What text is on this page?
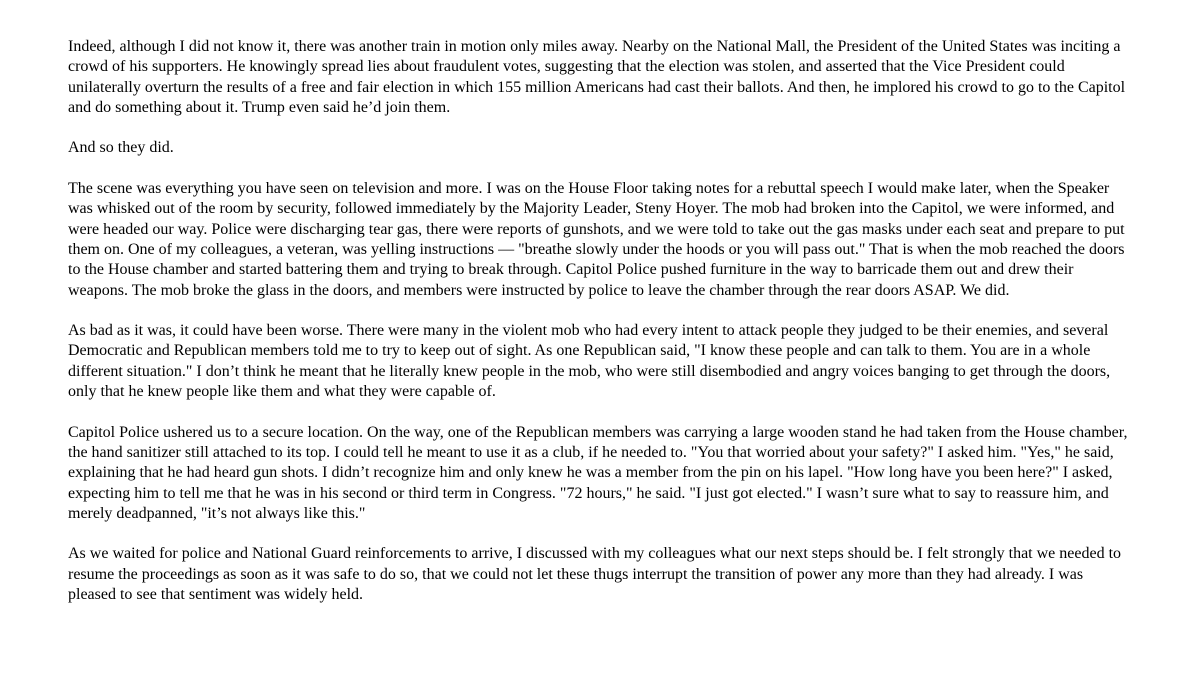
Indeed, although I did not know it, there was another train in motion only miles away. Nearby on the National Mall, the President of the United States was inciting a crowd of his supporters. He knowingly spread lies about fraudulent votes, suggesting that the election was stolen, and asserted that the Vice President could unilaterally overturn the results of a free and fair election in which 155 million Americans had cast their ballots. And then, he implored his crowd to go to the Capitol and do something about it. Trump even said he’d join them.

And so they did.

The scene was everything you have seen on television and more. I was on the House Floor taking notes for a rebuttal speech I would make later, when the Speaker was whisked out of the room by security, followed immediately by the Majority Leader, Steny Hoyer. The mob had broken into the Capitol, we were informed, and were headed our way. Police were discharging tear gas, there were reports of gunshots, and we were told to take out the gas masks under each seat and prepare to put them on. One of my colleagues, a veteran, was yelling instructions — "breathe slowly under the hoods or you will pass out." That is when the mob reached the doors to the House chamber and started battering them and trying to break through. Capitol Police pushed furniture in the way to barricade them out and drew their weapons. The mob broke the glass in the doors, and members were instructed by police to leave the chamber through the rear doors ASAP. We did.

As bad as it was, it could have been worse. There were many in the violent mob who had every intent to attack people they judged to be their enemies, and several Democratic and Republican members told me to try to keep out of sight. As one Republican said, "I know these people and can talk to them. You are in a whole different situation." I don’t think he meant that he literally knew people in the mob, who were still disembodied and angry voices banging to get through the doors, only that he knew people like them and what they were capable of.

Capitol Police ushered us to a secure location. On the way, one of the Republican members was carrying a large wooden stand he had taken from the House chamber, the hand sanitizer still attached to its top. I could tell he meant to use it as a club, if he needed to. "You that worried about your safety?" I asked him. "Yes," he said, explaining that he had heard gun shots. I didn’t recognize him and only knew he was a member from the pin on his lapel. "How long have you been here?" I asked, expecting him to tell me that he was in his second or third term in Congress. "72 hours," he said. "I just got elected." I wasn’t sure what to say to reassure him, and merely deadpanned, "it’s not always like this."

As we waited for police and National Guard reinforcements to arrive, I discussed with my colleagues what our next steps should be. I felt strongly that we needed to resume the proceedings as soon as it was safe to do so, that we could not let these thugs interrupt the transition of power any more than they had already. I was pleased to see that sentiment was widely held.
